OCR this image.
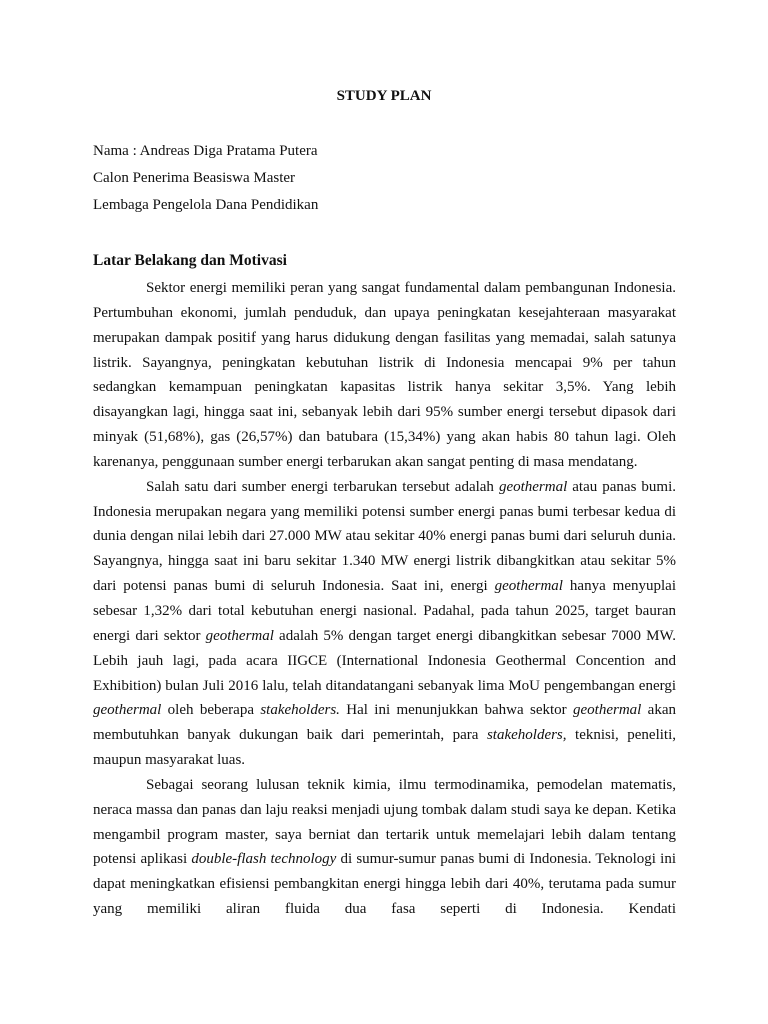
STUDY PLAN
Nama : Andreas Diga Pratama Putera
Calon Penerima Beasiswa Master
Lembaga Pengelola Dana Pendidikan
Latar Belakang dan Motivasi

Sektor energi memiliki peran yang sangat fundamental dalam pembangunan Indonesia. Pertumbuhan ekonomi, jumlah penduduk, dan upaya peningkatan kesejahteraan masyarakat merupakan dampak positif yang harus didukung dengan fasilitas yang memadai, salah satunya listrik. Sayangnya, peningkatan kebutuhan listrik di Indonesia mencapai 9% per tahun sedangkan kemampuan peningkatan kapasitas listrik hanya sekitar 3,5%. Yang lebih disayangkan lagi, hingga saat ini, sebanyak lebih dari 95% sumber energi tersebut dipasok dari minyak (51,68%), gas (26,57%) dan batubara (15,34%) yang akan habis 80 tahun lagi. Oleh karenanya, penggunaan sumber energi terbarukan akan sangat penting di masa mendatang.

Salah satu dari sumber energi terbarukan tersebut adalah geothermal atau panas bumi. Indonesia merupakan negara yang memiliki potensi sumber energi panas bumi terbesar kedua di dunia dengan nilai lebih dari 27.000 MW atau sekitar 40% energi panas bumi dari seluruh dunia. Sayangnya, hingga saat ini baru sekitar 1.340 MW energi listrik dibangkitkan atau sekitar 5% dari potensi panas bumi di seluruh Indonesia. Saat ini, energi geothermal hanya menyuplai sebesar 1,32% dari total kebutuhan energi nasional. Padahal, pada tahun 2025, target bauran energi dari sektor geothermal adalah 5% dengan target energi dibangkitkan sebesar 7000 MW. Lebih jauh lagi, pada acara IIGCE (International Indonesia Geothermal Concention and Exhibition) bulan Juli 2016 lalu, telah ditandatangani sebanyak lima MoU pengembangan energi geothermal oleh beberapa stakeholders. Hal ini menunjukkan bahwa sektor geothermal akan membutuhkan banyak dukungan baik dari pemerintah, para stakeholders, teknisi, peneliti, maupun masyarakat luas.

Sebagai seorang lulusan teknik kimia, ilmu termodinamika, pemodelan matematis, neraca massa dan panas dan laju reaksi menjadi ujung tombak dalam studi saya ke depan. Ketika mengambil program master, saya berniat dan tertarik untuk memelajari lebih dalam tentang potensi aplikasi double-flash technology di sumur-sumur panas bumi di Indonesia. Teknologi ini dapat meningkatkan efisiensi pembangkitan energi hingga lebih dari 40%, terutama pada sumur yang memiliki aliran fluida dua fasa seperti di Indonesia. Kendati
